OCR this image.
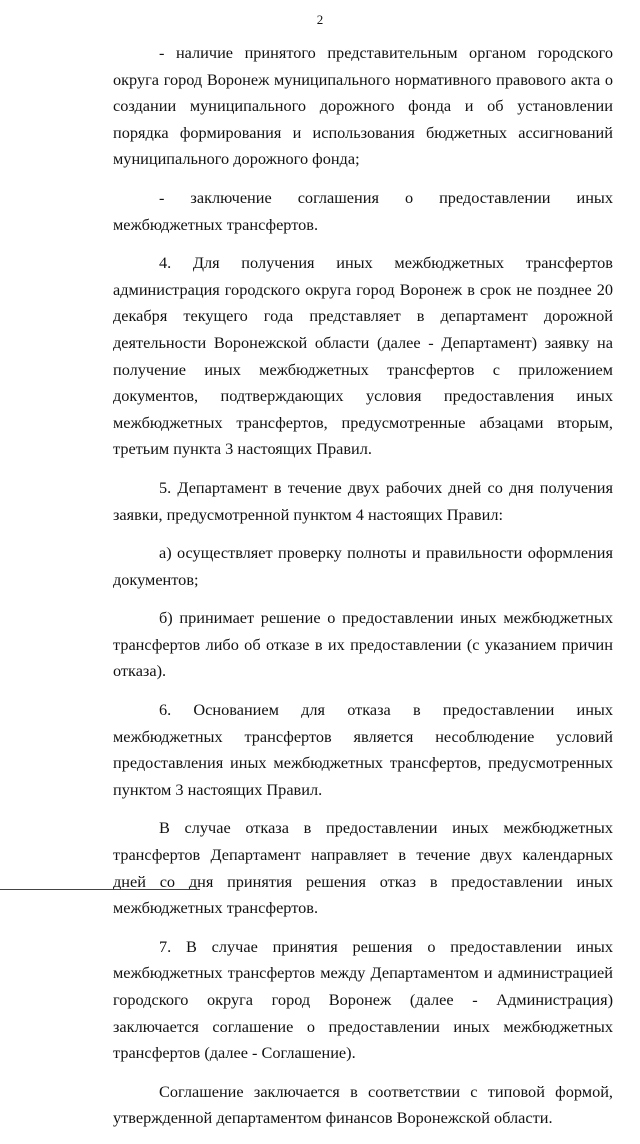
2

- наличие принятого представительным органом городского округа город Воронеж муниципального нормативного правового акта о создании муниципального дорожного фонда и об установлении порядка формирования и использования бюджетных ассигнований муниципального дорожного фонда;

- заключение соглашения о предоставлении иных межбюджетных трансфертов.

4. Для получения иных межбюджетных трансфертов администрация городского округа город Воронеж в срок не позднее 20 декабря текущего года представляет в департамент дорожной деятельности Воронежской области (далее - Департамент) заявку на получение иных межбюджетных трансфертов с приложением документов, подтверждающих условия предоставления иных межбюджетных трансфертов, предусмотренные абзацами вторым, третьим пункта 3 настоящих Правил.

5. Департамент в течение двух рабочих дней со дня получения заявки, предусмотренной пунктом 4 настоящих Правил:

а) осуществляет проверку полноты и правильности оформления документов;

б) принимает решение о предоставлении иных межбюджетных трансфертов либо об отказе в их предоставлении (с указанием причин отказа).

6. Основанием для отказа в предоставлении иных межбюджетных трансфертов является несоблюдение условий предоставления иных межбюджетных трансфертов, предусмотренных пунктом 3 настоящих Правил.

В случае отказа в предоставлении иных межбюджетных трансфертов Департамент направляет в течение двух календарных дней со дня принятия решения отказ в предоставлении иных межбюджетных трансфертов.

7. В случае принятия решения о предоставлении иных межбюджетных трансфертов между Департаментом и администрацией городского округа город Воронеж (далее - Администрация) заключается соглашение о предоставлении иных межбюджетных трансфертов (далее - Соглашение).

Соглашение заключается в соответствии с типовой формой, утвержденной департаментом финансов Воронежской области.
